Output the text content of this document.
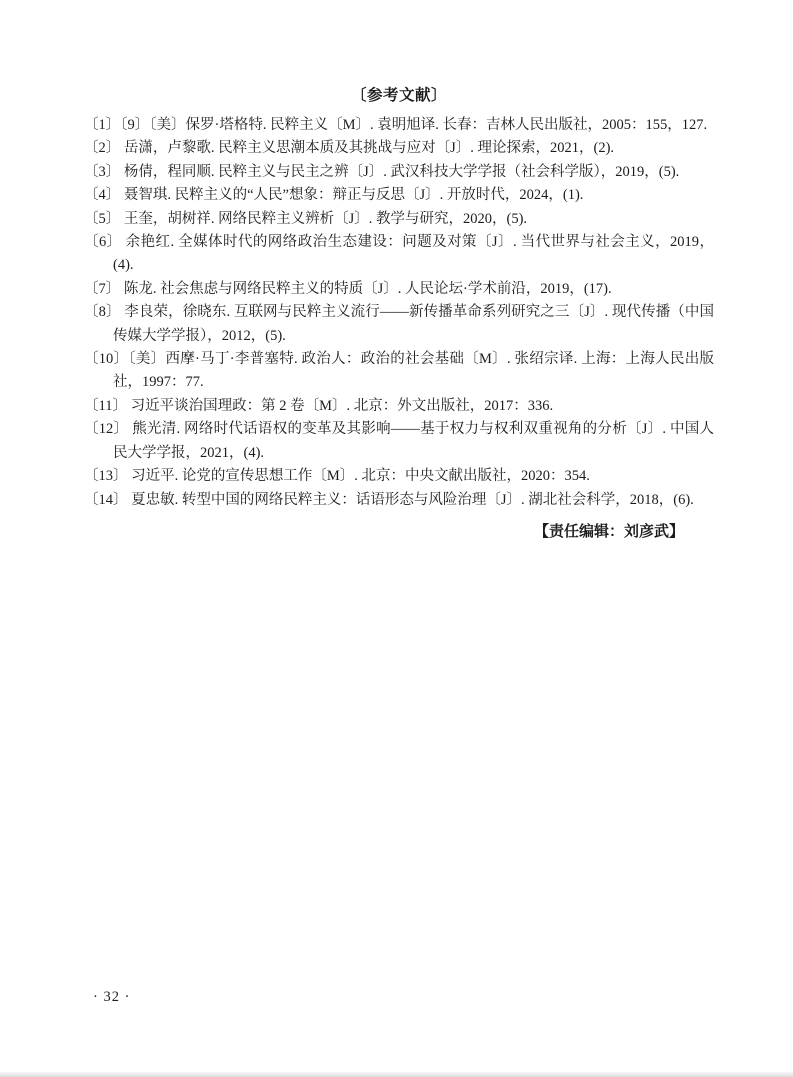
〔参考文献〕
〔1〕〔9〕〔美〕保罗·塔格特. 民粹主义〔M〕. 袁明旭译. 长春：吉林人民出版社，2005：155，127.
〔2〕 岳潇，卢黎歌. 民粹主义思潮本质及其挑战与应对〔J〕. 理论探索，2021，(2).
〔3〕 杨倩，程同顺. 民粹主义与民主之辨〔J〕. 武汉科技大学学报（社会科学版），2019，(5).
〔4〕 聂智琪. 民粹主义的“人民”想象：辩正与反思〔J〕. 开放时代，2024，(1).
〔5〕 王奎，胡树祥. 网络民粹主义辨析〔J〕. 教学与研究，2020，(5).
〔6〕 余艳红. 全媒体时代的网络政治生态建设：问题及对策〔J〕. 当代世界与社会主义，2019，(4).
〔7〕 陈龙. 社会焦虑与网络民粹主义的特质〔J〕. 人民论坛·学术前沿，2019，(17).
〔8〕 李良荣，徐晓东. 互联网与民粹主义流行——新传播革命系列研究之三〔J〕. 现代传播（中国传媒大学学报），2012，(5).
〔10〕〔美〕西摩·马丁·李普塞特. 政治人：政治的社会基础〔M〕. 张绍宗译. 上海：上海人民出版社，1997：77.
〔11〕 习近平谈治国理政：第 2 卷〔M〕. 北京：外文出版社，2017：336.
〔12〕 熊光清. 网络时代话语权的变革及其影响——基于权力与权利双重视角的分析〔J〕. 中国人民大学学报，2021，(4).
〔13〕 习近平. 论党的宣传思想工作〔M〕. 北京：中央文献出版社，2020：354.
〔14〕 夏忠敏. 转型中国的网络民粹主义：话语形态与风险治理〔J〕. 湖北社会科学，2018，(6).
【责任编辑：刘彦武】
· 32 ·
